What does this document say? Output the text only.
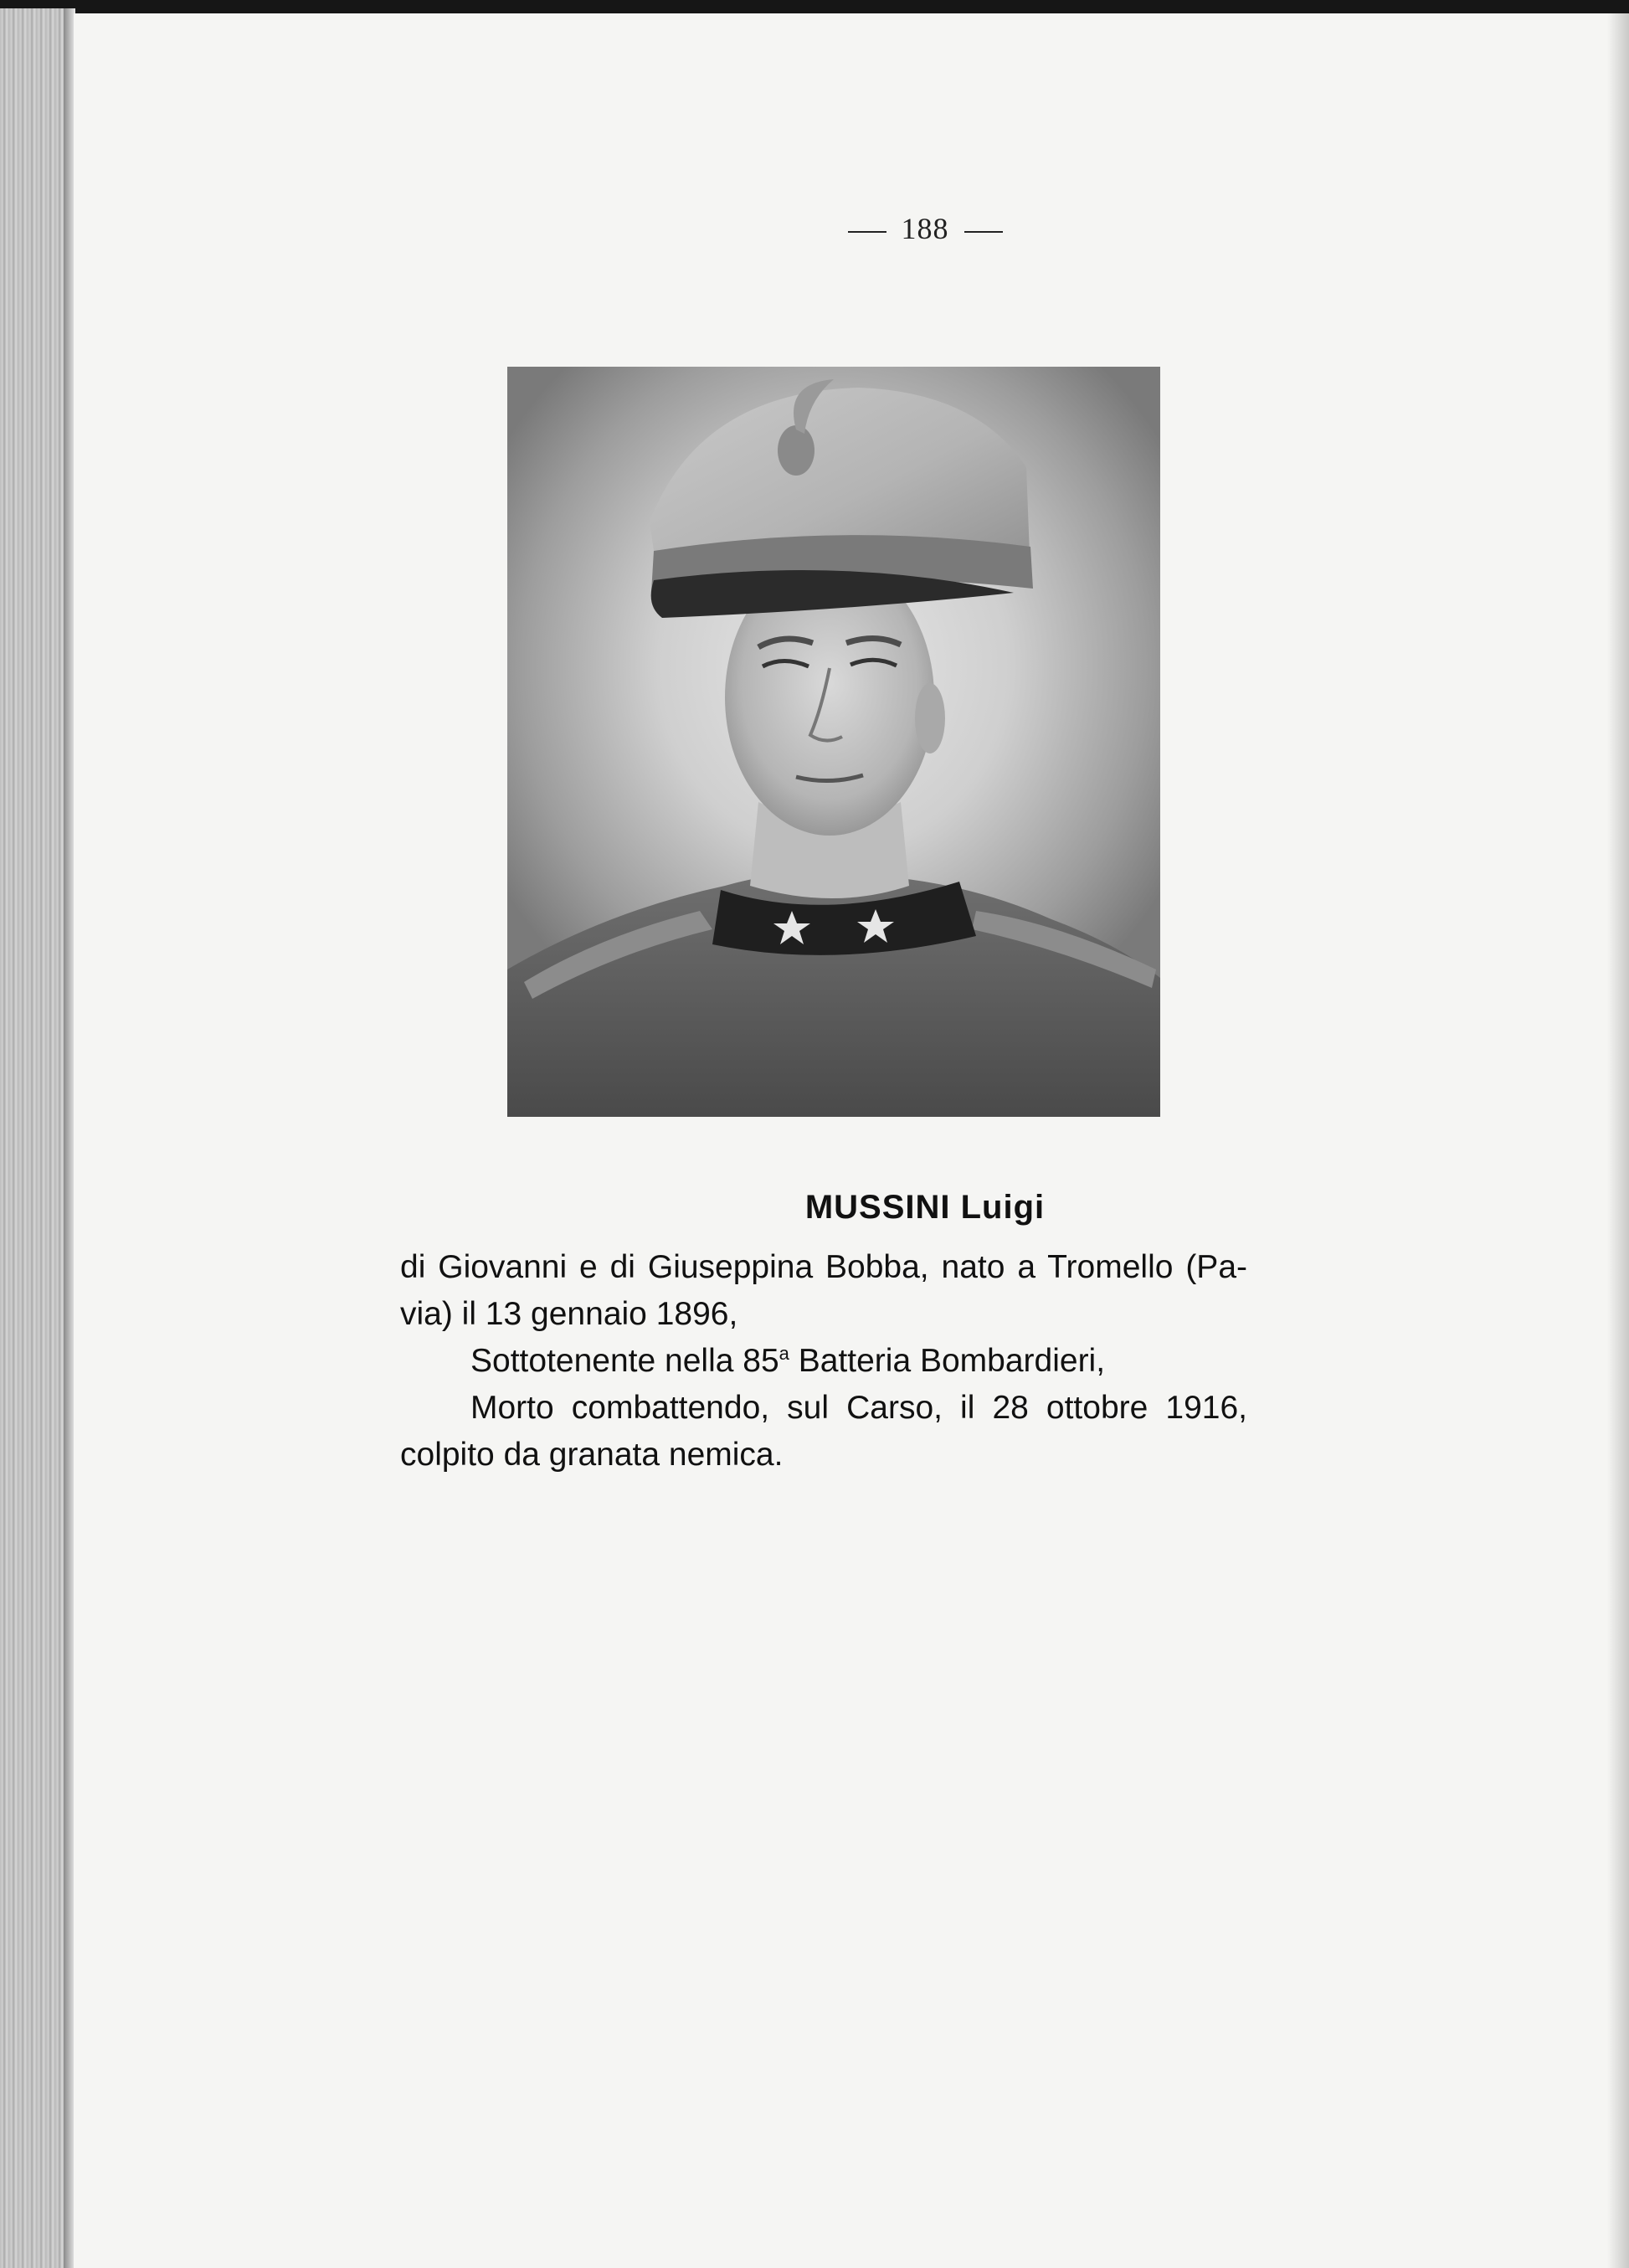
188
MUSSINI Luigi

di Giovanni e di Giuseppina Bobba, nato a Tromello (Pa-

via) il 13 gennaio 1896,

Sottotenente nella 85$^a$ Batteria Bombardieri,

Morto combattendo, sul Carso, il 28 ottobre 1916,

colpito da granata nemica.
